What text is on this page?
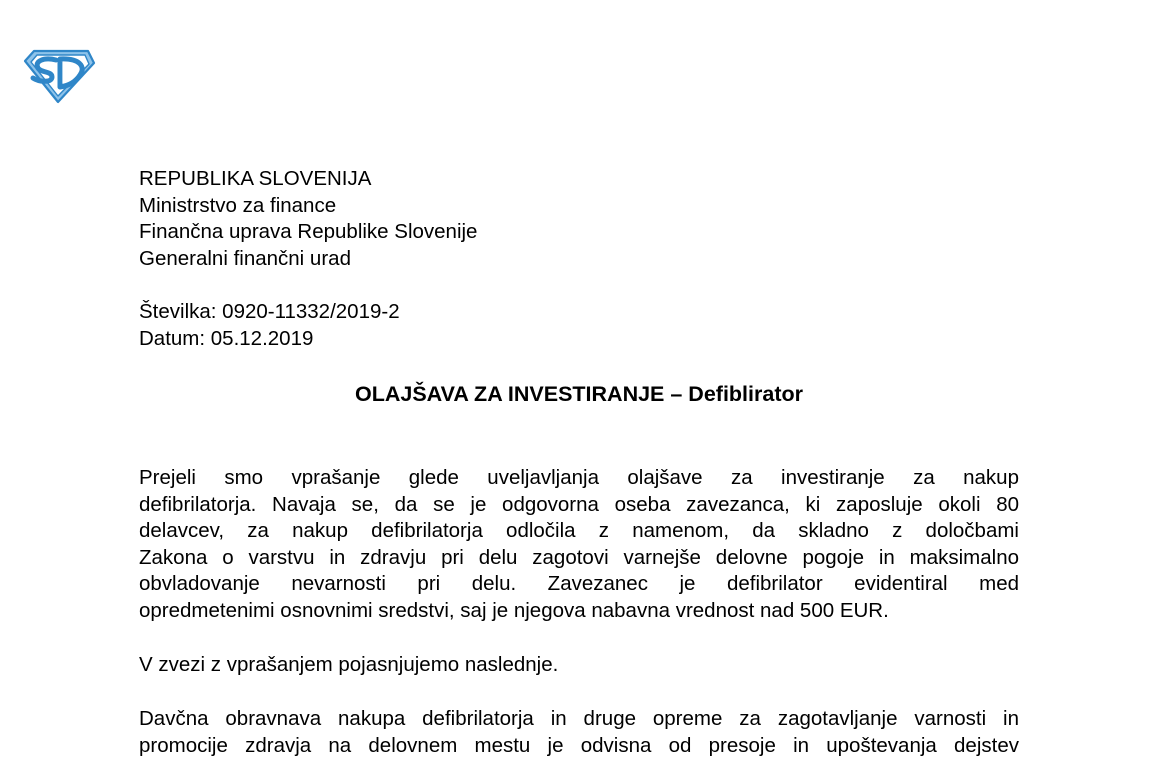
REPUBLIKA SLOVENIJA
Ministrstvo za finance
Finančna uprava Republike Slovenije
Generalni finančni urad
Številka: 0920-11332/2019-2
Datum: 05.12.2019
OLAJŠAVA ZA INVESTIRANJE – Defiblirator
Prejeli smo vprašanje glede uveljavljanja olajšave za investiranje za nakup
defibrilatorja. Navaja se, da se je odgovorna oseba zavezanca, ki zaposluje okoli 80
delavcev, za nakup defibrilatorja odločila z namenom, da skladno z določbami
Zakona o varstvu in zdravju pri delu zagotovi varnejše delovne pogoje in maksimalno
obvladovanje nevarnosti pri delu. Zavezanec je defibrilator evidentiral med
opredmetenimi osnovnimi sredstvi, saj je njegova nabavna vrednost nad 500 EUR.
V zvezi z vprašanjem pojasnjujemo naslednje.
Davčna obravnava nakupa defibrilatorja in druge opreme za zagotavljanje varnosti in
promocije zdravja na delovnem mestu je odvisna od presoje in upoštevanja dejstev
